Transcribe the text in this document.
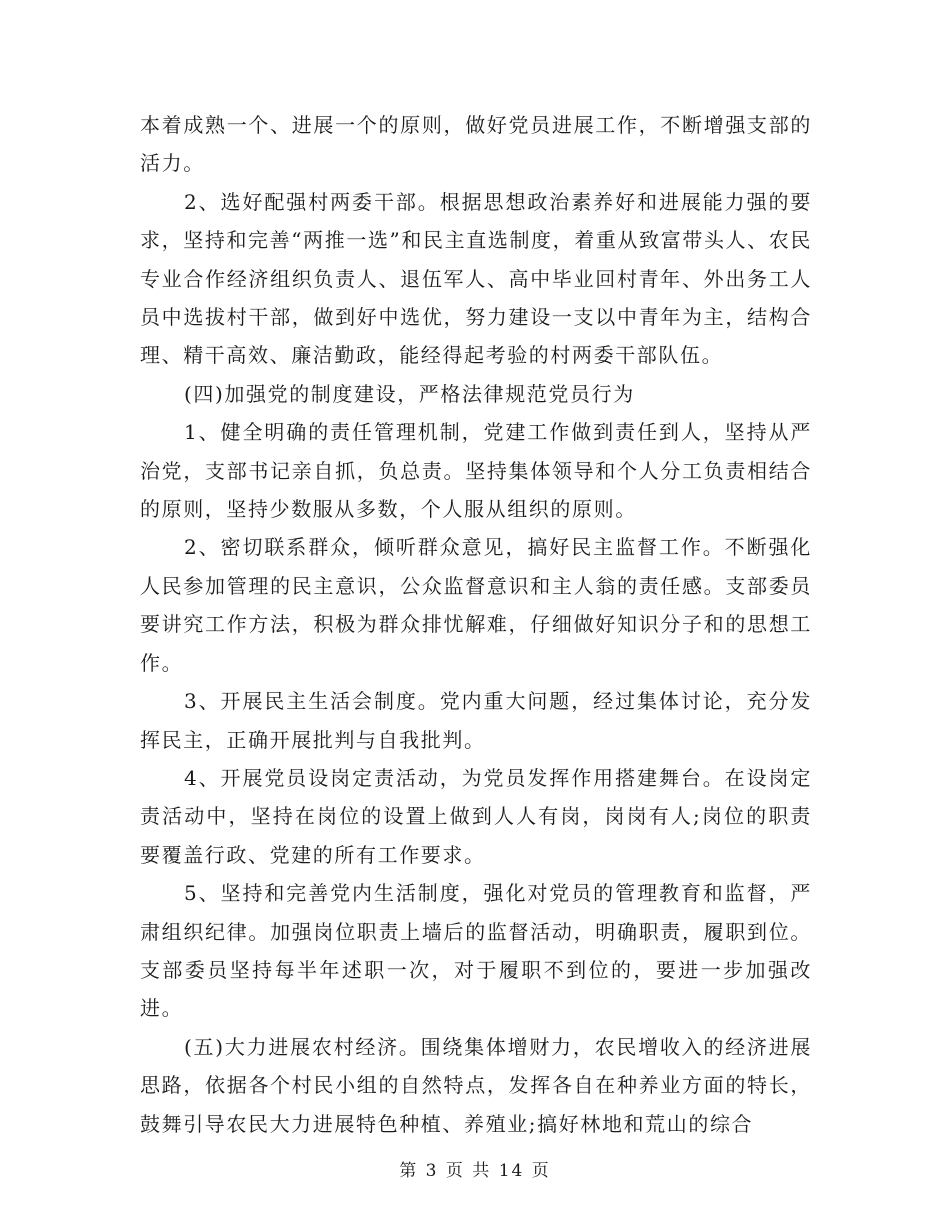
本着成熟一个、进展一个的原则，做好党员进展工作，不断增强支部的活力。

2、选好配强村两委干部。根据思想政治素养好和进展能力强的要求，坚持和完善“两推一选”和民主直选制度，着重从致富带头人、农民专业合作经济组织负责人、退伍军人、高中毕业回村青年、外出务工人员中选拔村干部，做到好中选优，努力建设一支以中青年为主，结构合理、精干高效、廉洁勤政，能经得起考验的村两委干部队伍。

(四)加强党的制度建设，严格法律规范党员行为

1、健全明确的责任管理机制，党建工作做到责任到人，坚持从严治党，支部书记亲自抓，负总责。坚持集体领导和个人分工负责相结合的原则，坚持少数服从多数，个人服从组织的原则。

2、密切联系群众，倾听群众意见，搞好民主监督工作。不断强化人民参加管理的民主意识，公众监督意识和主人翁的责任感。支部委员要讲究工作方法，积极为群众排忧解难，仔细做好知识分子和的思想工作。

3、开展民主生活会制度。党内重大问题，经过集体讨论，充分发挥民主，正确开展批判与自我批判。

4、开展党员设岗定责活动，为党员发挥作用搭建舞台。在设岗定责活动中，坚持在岗位的设置上做到人人有岗，岗岗有人;岗位的职责要覆盖行政、党建的所有工作要求。

5、坚持和完善党内生活制度，强化对党员的管理教育和监督，严肃组织纪律。加强岗位职责上墙后的监督活动，明确职责，履职到位。支部委员坚持每半年述职一次，对于履职不到位的，要进一步加强改进。

(五)大力进展农村经济。围绕集体增财力，农民增收入的经济进展思路，依据各个村民小组的自然特点，发挥各自在种养业方面的特长，鼓舞引导农民大力进展特色种植、养殖业;搞好林地和荒山的综合

第 3 页 共 14 页
